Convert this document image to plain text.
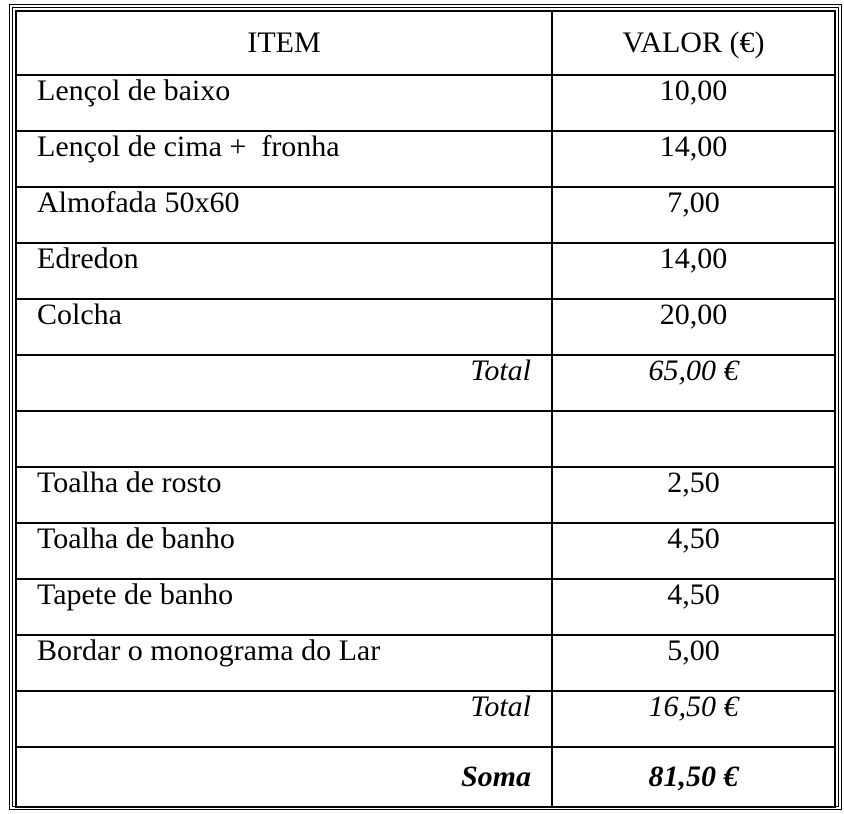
ITEM	VALOR (€)
Lençol de baixo	10,00
Lençol de cima +  fronha	14,00
Almofada 50x60	7,00
Edredon	14,00
Colcha	20,00
Total	65,00 €

Toalha de rosto	2,50
Toalha de banho	4,50
Tapete de banho	4,50
Bordar o monograma do Lar	5,00
Total	16,50 €
Soma	81,50 €
